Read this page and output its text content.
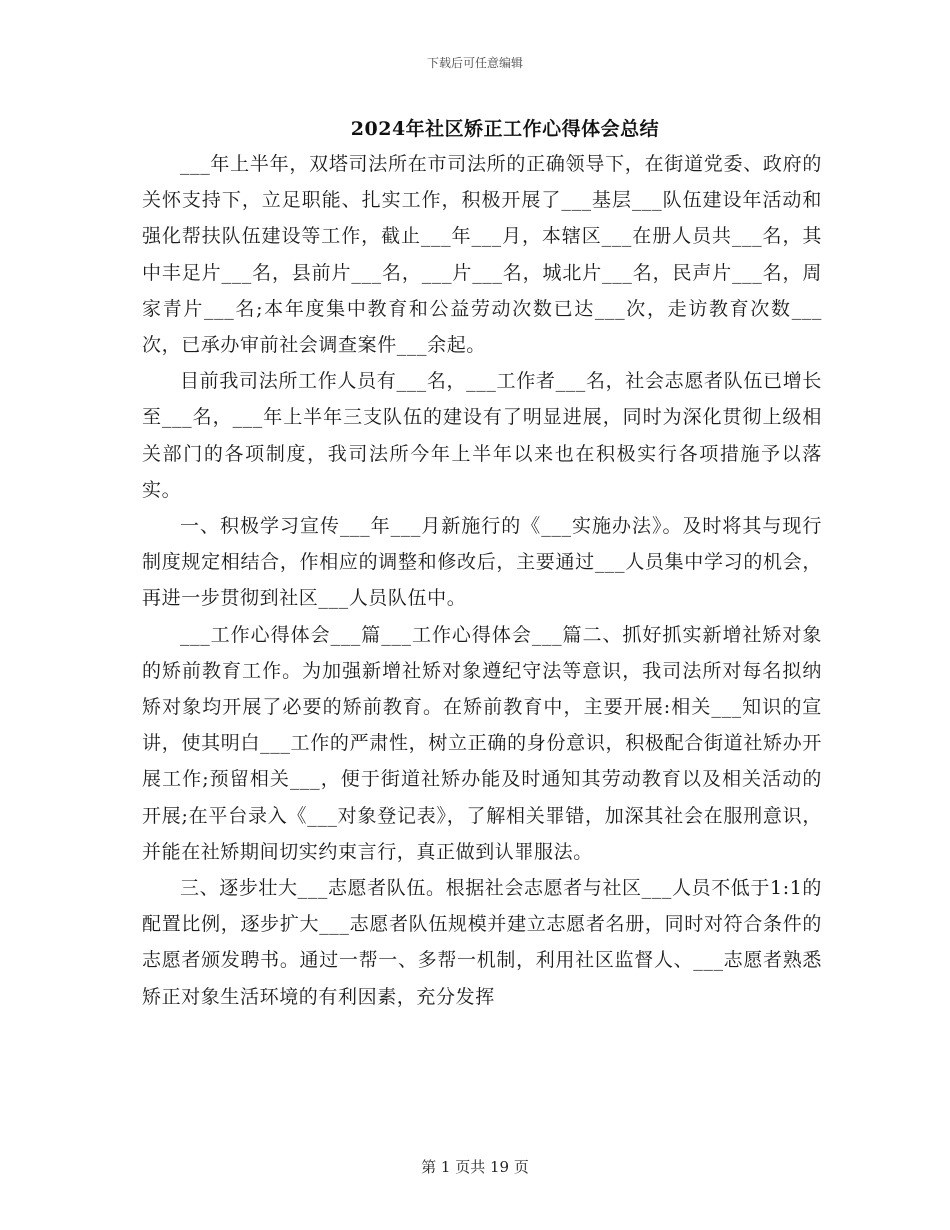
下载后可任意编辑
2024年社区矫正工作心得体会总结

___年上半年，双塔司法所在市司法所的正确领导下，在街道党委、政府的关怀支持下，立足职能、扎实工作，积极开展了___基层___队伍建设年活动和强化帮扶队伍建设等工作，截止___年___月，本辖区___在册人员共___名，其中丰足片___名，县前片___名，___片___名，城北片___名，民声片___名，周家青片___名;本年度集中教育和公益劳动次数已达___次，走访教育次数___次，已承办审前社会调查案件___余起。

目前我司法所工作人员有___名，___工作者___名，社会志愿者队伍已增长至___名，___年上半年三支队伍的建设有了明显进展，同时为深化贯彻上级相关部门的各项制度，我司法所今年上半年以来也在积极实行各项措施予以落实。

一、积极学习宣传___年___月新施行的《___实施办法》。及时将其与现行制度规定相结合，作相应的调整和修改后，主要通过___人员集中学习的机会，再进一步贯彻到社区___人员队伍中。

___工作心得体会___篇___工作心得体会___篇二、抓好抓实新增社矫对象的矫前教育工作。为加强新增社矫对象遵纪守法等意识，我司法所对每名拟纳矫对象均开展了必要的矫前教育。在矫前教育中，主要开展:相关___知识的宣讲，使其明白___工作的严肃性，树立正确的身份意识，积极配合街道社矫办开展工作;预留相关___，便于街道社矫办能及时通知其劳动教育以及相关活动的开展;在平台录入《___对象登记表》，了解相关罪错，加深其社会在服刑意识，并能在社矫期间切实约束言行，真正做到认罪服法。

三、逐步壮大___志愿者队伍。根据社会志愿者与社区___人员不低于1:1的配置比例，逐步扩大___志愿者队伍规模并建立志愿者名册，同时对符合条件的志愿者颁发聘书。通过一帮一、多帮一机制，利用社区监督人、___志愿者熟悉矫正对象生活环境的有利因素，充分发挥

第 1 页共 19 页
